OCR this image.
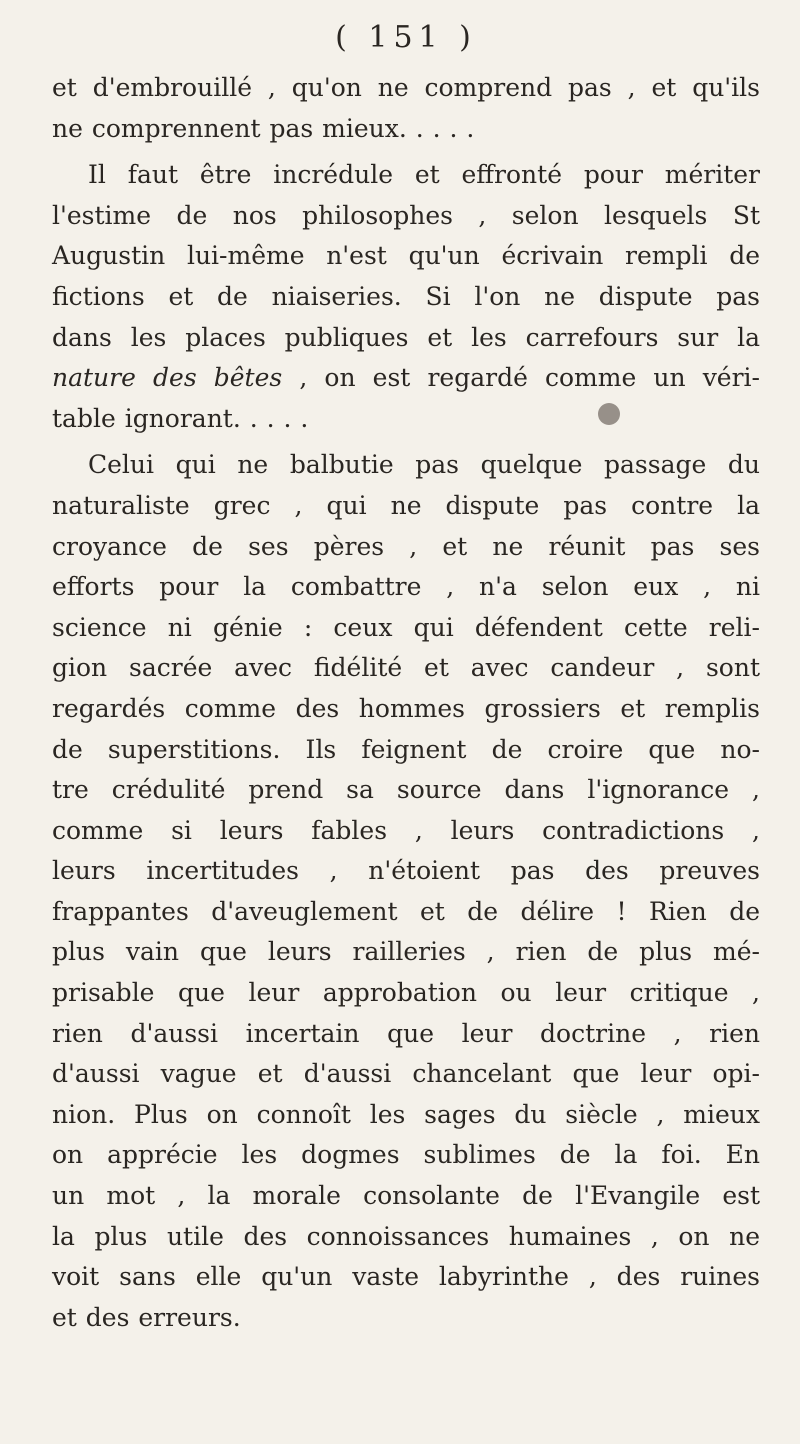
( 151 )

et d'embrouillé , qu'on ne comprend pas , et qu'ils
ne comprennent pas mieux. . . . .

Il faut être incrédule et effronté pour mériter
l'estime de nos philosophes , selon lesquels St
Augustin lui-même n'est qu'un écrivain rempli de
fictions et de niaiseries. Si l'on ne dispute pas
dans les places publiques et les carrefours sur la
nature des bêtes , on est regardé comme un véri-
table ignorant. . . . .

Celui qui ne balbutie pas quelque passage du
naturaliste grec , qui ne dispute pas contre la
croyance de ses pères , et ne réunit pas ses
efforts pour la combattre , n'a selon eux , ni
science ni génie : ceux qui défendent cette reli-
gion sacrée avec fidélité et avec candeur , sont
regardés comme des hommes grossiers et remplis
de superstitions. Ils feignent de croire que no-
tre crédulité prend sa source dans l'ignorance ,
comme si leurs fables , leurs contradictions ,
leurs incertitudes , n'étoient pas des preuves
frappantes d'aveuglement et de délire ! Rien de
plus vain que leurs railleries , rien de plus mé-
prisable que leur approbation ou leur critique ,
rien d'aussi incertain que leur doctrine , rien
d'aussi vague et d'aussi chancelant que leur opi-
nion. Plus on connoît les sages du siècle , mieux
on apprécie les dogmes sublimes de la foi. En
un mot , la morale consolante de l'Evangile est
la plus utile des connoissances humaines , on ne
voit sans elle qu'un vaste labyrinthe , des ruines
et des erreurs.
